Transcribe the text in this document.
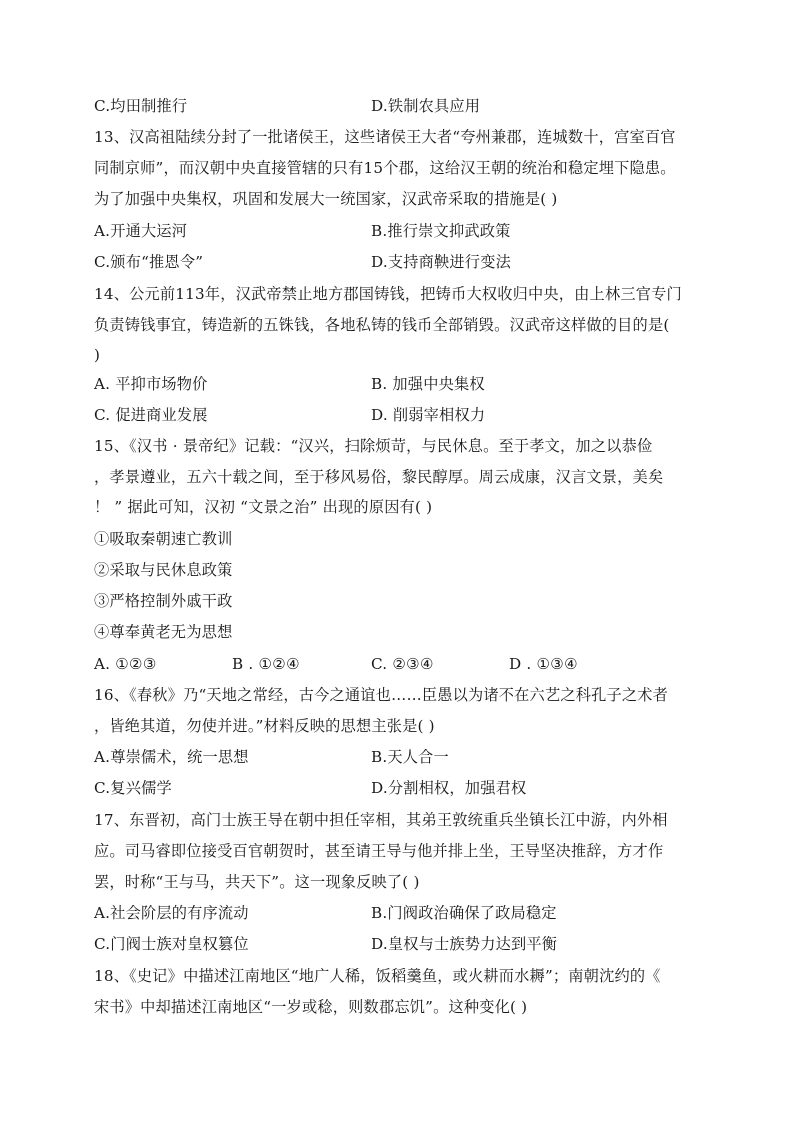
C.均田制推行	D.铁制农具应用
13、汉高祖陆续分封了一批诸侯王，这些诸侯王大者“夸州兼郡，连城数十，宫室百官
同制京师”，而汉朝中央直接管辖的只有15个郡，这给汉王朝的统治和稳定埋下隐患。
为了加强中央集权，巩固和发展大一统国家，汉武帝采取的措施是( )
A.开通大运河	B.推行崇文抑武政策
C.颁布“推恩令”	D.支持商鞅进行变法
14、公元前113年，汉武帝禁止地方郡国铸钱，把铸币大权收归中央，由上林三官专门
负责铸钱事宜，铸造新的五铢钱，各地私铸的钱币全部销毁。汉武帝这样做的目的是(
)
A. 平抑市场物价	B. 加强中央集权
C. 促进商业发展	D. 削弱宰相权力
15、《汉书 · 景帝纪》记载：“汉兴，扫除烦苛，与民休息。至于孝文，加之以恭俭
，孝景遵业，五六十载之间，至于移风易俗，黎民醇厚。周云成康，汉言文景，美矣
！ ” 据此可知，汉初 “文景之治” 出现的原因有( )
①吸取秦朝速亡教训
②采取与民休息政策
③严格控制外戚干政
④尊奉黄老无为思想
A. ①②③	B . ①②④	C. ②③④	D . ①③④
16、《春秋》乃“天地之常经，古今之通谊也……臣愚以为诸不在六艺之科孔子之术者
，皆绝其道，勿使并进。”材料反映的思想主张是( )
A.尊崇儒术，统一思想	B.天人合一
C.复兴儒学	D.分割相权，加强君权
17、东晋初，高门士族王导在朝中担任宰相，其弟王敦统重兵坐镇长江中游，内外相
应。司马睿即位接受百官朝贺时，甚至请王导与他并排上坐，王导坚决推辞，方才作
罢，时称“王与马，共天下”。这一现象反映了( )
A.社会阶层的有序流动	B.门阀政治确保了政局稳定
C.门阀士族对皇权篡位	D.皇权与士族势力达到平衡
18、《史记》中描述江南地区“地广人稀，饭稻羹鱼，或火耕而水耨”；南朝沈约的《
宋书》中却描述江南地区“一岁或稔，则数郡忘饥”。这种变化( )
